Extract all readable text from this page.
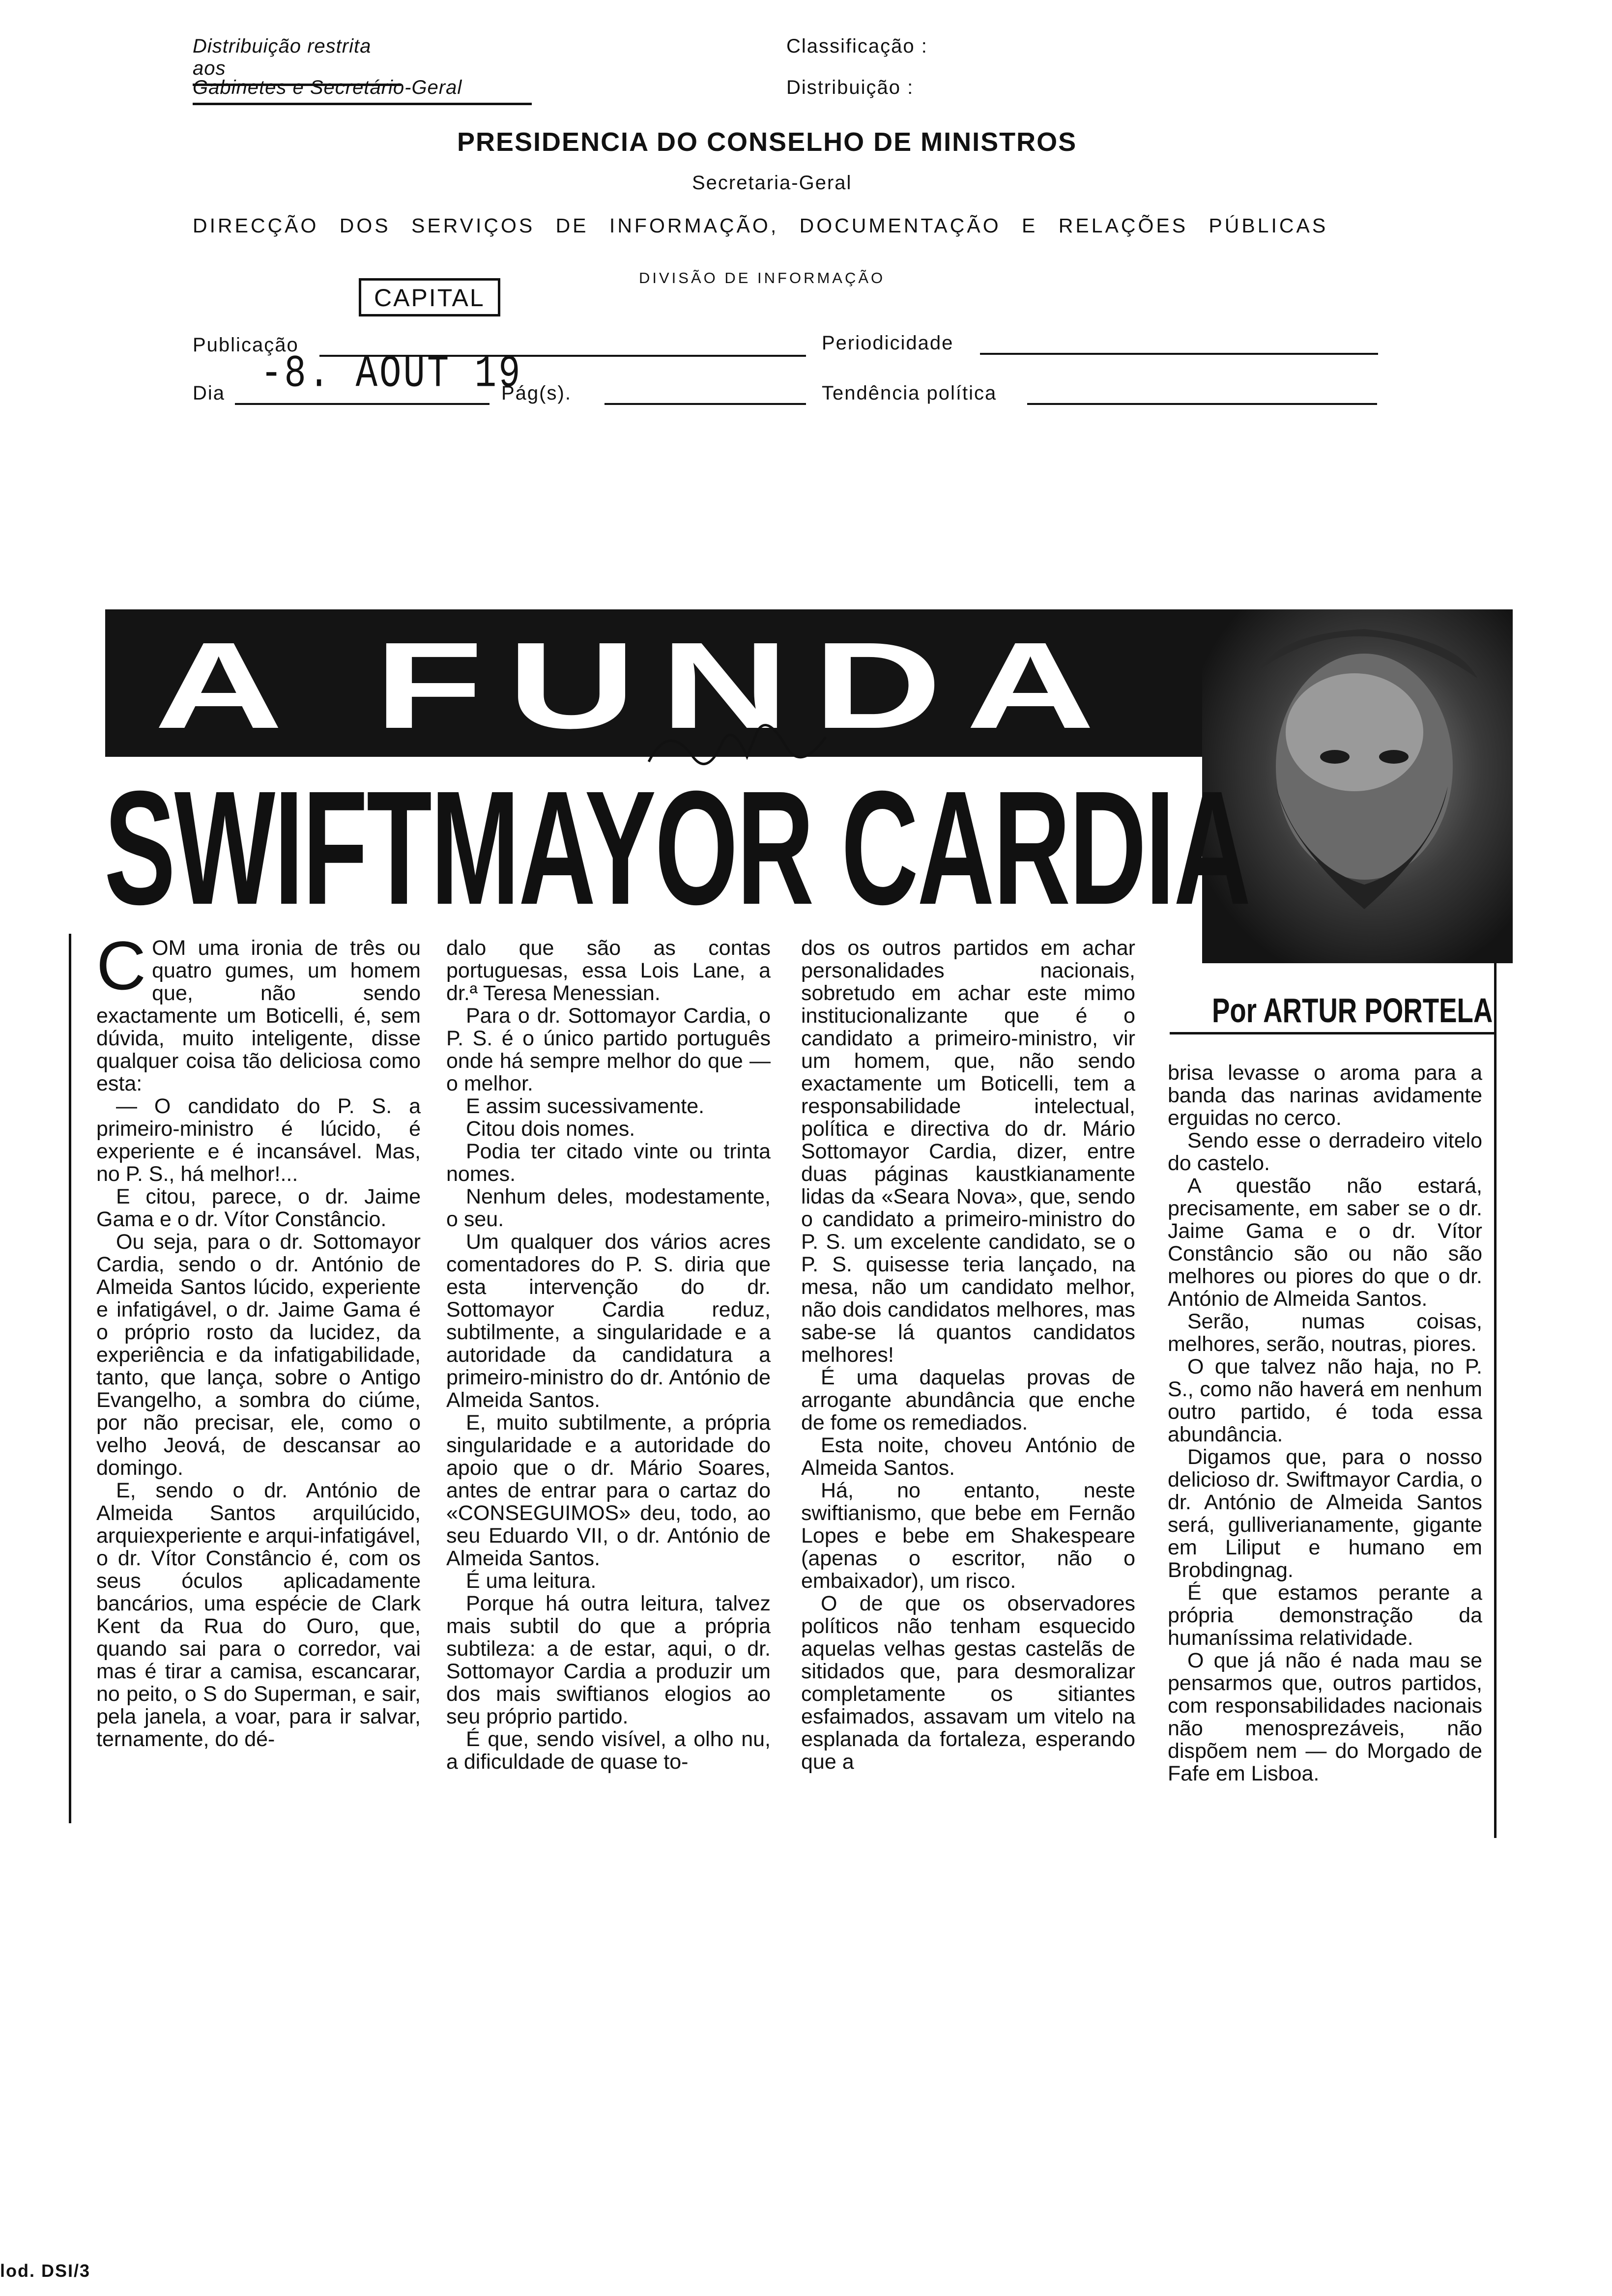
Distribuição restrita aos
Gabinetes e Secretário-Geral
Classificação :
Distribuição :
PRESIDENCIA DO CONSELHO DE MINISTROS
Secretaria-Geral
DIRECÇÃO DOS SERVIÇOS DE INFORMAÇÃO, DOCUMENTAÇÃO E RELAÇÕES PÚBLICAS
DIVISÃO DE INFORMAÇÃO
CAPITAL
Publicação	Periodicidade
Dia -8. AOUT 19
Pág(s).	Tendência política
A FUNDA
SWIFTMAYOR CARDIA
Por ARTUR PORTELA
C OM uma ironia de três ou quatro gumes, um homem que, não sendo exactamente um Boticelli, é, sem dúvida, muito inteligente, disse qualquer coisa tão deliciosa como esta:

— O candidato do P. S. a primeiro-ministro é lúcido, é experiente e é incansável. Mas, no P. S., há melhor!...

E citou, parece, o dr. Jaime Gama e o dr. Vítor Constâncio.

Ou seja, para o dr. Sottomayor Cardia, sendo o dr. António de Almeida Santos lúcido, experiente e infatigável, o dr. Jaime Gama é o próprio rosto da lucidez, da experiência e da infatigabilidade, tanto, que lança, sobre o Antigo Evangelho, a sombra do ciúme, por não precisar, ele, como o velho Jeová, de descansar ao domingo.

E, sendo o dr. António de Almeida Santos arquilúcido, arquiexperiente e arqui-infatigável, o dr. Vítor Constâncio é, com os seus óculos aplicadamente bancários, uma espécie de Clark Kent da Rua do Ouro, que, quando sai para o corredor, vai mas é tirar a camisa, escancarar, no peito, o S do Superman, e sair, pela janela, a voar, para ir salvar, ternamente, do dé-

dalo que são as contas portuguesas, essa Lois Lane, a dr.ª Teresa Menessian.

Para o dr. Sottomayor Cardia, o P. S. é o único partido português onde há sempre melhor do que — o melhor.

E assim sucessivamente.

Citou dois nomes.

Podia ter citado vinte ou trinta nomes.

Nenhum deles, modestamente, o seu.

Um qualquer dos vários acres comentadores do P. S. diria que esta intervenção do dr. Sottomayor Cardia reduz, subtilmente, a singularidade e a autoridade da candidatura a primeiro-ministro do dr. António de Almeida Santos.

E, muito subtilmente, a própria singularidade e a autoridade do apoio que o dr. Mário Soares, antes de entrar para o cartaz do «CONSEGUIMOS» deu, todo, ao seu Eduardo VII, o dr. António de Almeida Santos.

É uma leitura.

Porque há outra leitura, talvez mais subtil do que a própria subtileza: a de estar, aqui, o dr. Sottomayor Cardia a produzir um dos mais swiftianos elogios ao seu próprio partido.

É que, sendo visível, a olho nu, a dificuldade de quase to-

dos os outros partidos em achar personalidades nacionais, sobretudo em achar este mimo institucionalizante que é o candidato a primeiro-ministro, vir um homem, que, não sendo exactamente um Boticelli, tem a responsabilidade intelectual, política e directiva do dr. Mário Sottomayor Cardia, dizer, entre duas páginas kaustkianamente lidas da «Seara Nova», que, sendo o candidato a primeiro-ministro do P. S. um excelente candidato, se o P. S. quisesse teria lançado, na mesa, não um candidato melhor, não dois candidatos melhores, mas sabe-se lá quantos candidatos melhores!

É uma daquelas provas de arrogante abundância que enche de fome os remediados.

Esta noite, choveu António de Almeida Santos.

Há, no entanto, neste swiftianismo, que bebe em Fernão Lopes e bebe em Shakespeare (apenas o escritor, não o embaixador), um risco.

O de que os observadores políticos não tenham esquecido aquelas velhas gestas castelãs de sitidados que, para desmoralizar completamente os sitiantes esfaimados, assavam um vitelo na esplanada da fortaleza, esperando que a

brisa levasse o aroma para a banda das narinas avidamente erguidas no cerco.

Sendo esse o derradeiro vitelo do castelo.

A questão não estará, precisamente, em saber se o dr. Jaime Gama e o dr. Vítor Constâncio são ou não são melhores ou piores do que o dr. António de Almeida Santos.

Serão, numas coisas, melhores, serão, noutras, piores.

O que talvez não haja, no P. S., como não haverá em nenhum outro partido, é toda essa abundância.

Digamos que, para o nosso delicioso dr. Swiftmayor Cardia, o dr. António de Almeida Santos será, gulliverianamente, gigante em Liliput e humano em Brobdingnag.

É que estamos perante a própria demonstração da humaníssima relatividade.

O que já não é nada mau se pensarmos que, outros partidos, com responsabilidades nacionais não menosprezáveis, não dispõem nem — do Morgado de Fafe em Lisboa.

lod. DSI/3
